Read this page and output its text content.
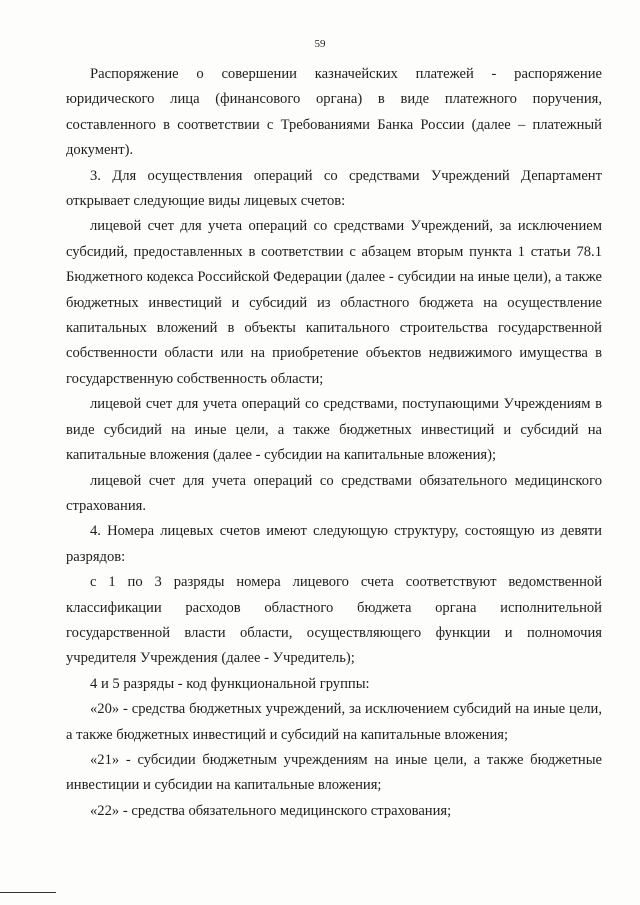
59

Распоряжение о совершении казначейских платежей - распоряжение юридического лица (финансового органа) в виде платежного поручения, составленного в соответствии с Требованиями Банка России (далее – платежный документ).

3. Для осуществления операций со средствами Учреждений Департамент открывает следующие виды лицевых счетов:

лицевой счет для учета операций со средствами Учреждений, за исключением субсидий, предоставленных в соответствии с абзацем вторым пункта 1 статьи 78.1 Бюджетного кодекса Российской Федерации (далее - субсидии на иные цели), а также бюджетных инвестиций и субсидий из областного бюджета на осуществление капитальных вложений в объекты капитального строительства государственной собственности области или на приобретение объектов недвижимого имущества в государственную собственность области;

лицевой счет для учета операций со средствами, поступающими Учреждениям в виде субсидий на иные цели, а также бюджетных инвестиций и субсидий на капитальные вложения (далее - субсидии на капитальные вложения);

лицевой счет для учета операций со средствами обязательного медицинского страхования.

4. Номера лицевых счетов имеют следующую структуру, состоящую из девяти разрядов:

с 1 по 3 разряды номера лицевого счета соответствуют ведомственной классификации расходов областного бюджета органа исполнительной государственной власти области, осуществляющего функции и полномочия учредителя Учреждения (далее - Учредитель);

4 и 5 разряды - код функциональной группы:

«20» - средства бюджетных учреждений, за исключением субсидий на иные цели, а также бюджетных инвестиций и субсидий на капитальные вложения;

«21» - субсидии бюджетным учреждениям на иные цели, а также бюджетные инвестиции и субсидии на капитальные вложения;

«22» - средства обязательного медицинского страхования;
